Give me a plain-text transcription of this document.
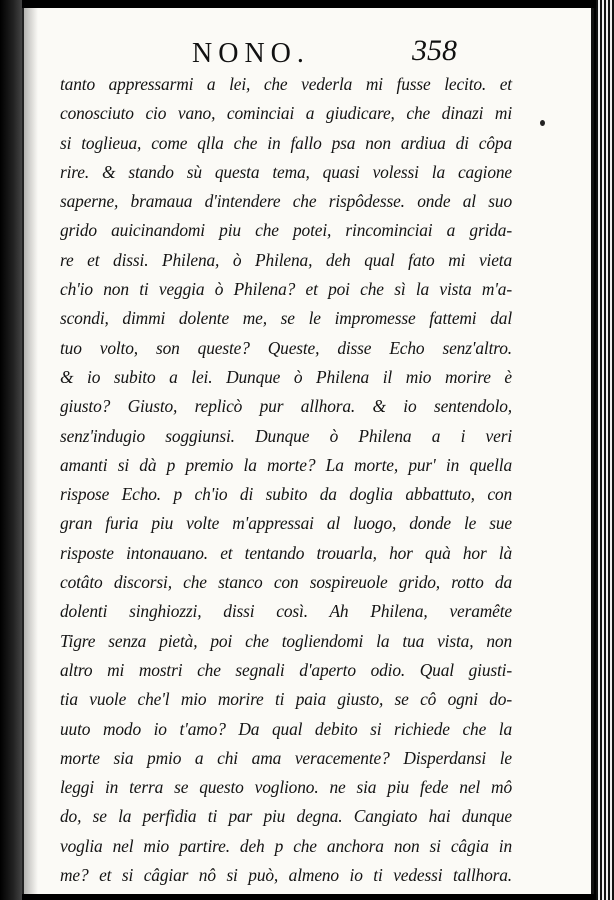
NONO.	358
tanto appressarmi a lei, che vederla mi fusse lecito. et
conosciuto cio vano, cominciai a giudicare, che dinazi mi
si toglieua, come qlla che in fallo psa non ardiua di côpa
rire. & stando sù questa tema, quasi volessi la cagione
saperne, bramaua d'intendere che rispôdesse. onde al suo
grido auicinandomi piu che potei, rincominciai a grida-
re et dissi. Philena, ò Philena, deh qual fato mi vieta
ch'io non ti veggia ò Philena? et poi che sì la vista m'a-
scondi, dimmi dolente me, se le impromesse fattemi dal
tuo volto, son queste? Queste, disse Echo senz'altro.
& io subito a lei. Dunque ò Philena il mio morire è
giusto? Giusto, replicò pur allhora. & io sentendolo,
senz'indugio soggiunsi. Dunque ò Philena a i veri
amanti si dà p premio la morte? La morte, pur' in quella
rispose Echo. p ch'io di subito da doglia abbattuto, con
gran furia piu volte m'appressai al luogo, donde le sue
risposte intonauano. et tentando trouarla, hor quà hor là
cotâto discorsi, che stanco con sospireuole grido, rotto da
dolenti singhiozzi, dissi così. Ah Philena, veramête
Tigre senza pietà, poi che togliendomi la tua vista, non
altro mi mostri che segnali d'aperto odio. Qual giusti-
tia vuole che'l mio morire ti paia giusto, se cô ogni do-
uuto modo io t'amo? Da qual debito si richiede che la
morte sia pmio a chi ama veracemente? Disperdansi le
leggi in terra se questo vogliono. ne sia piu fede nel mô
do, se la perfidia ti par piu degna. Cangiato hai dunque
voglia nel mio partire. deh p che anchora non si câgia in
me? et si câgiar nô si può, almeno io ti vedessi tallhora.
